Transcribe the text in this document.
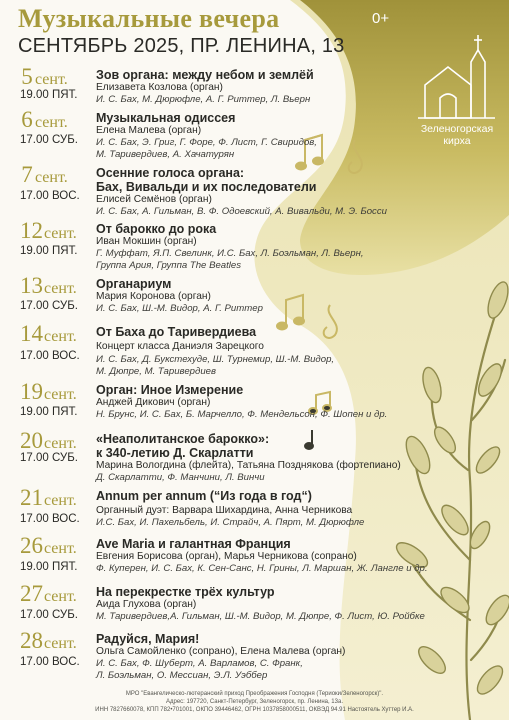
Музыкальные вечера	0+
СЕНТЯБРЬ 2025, ПР. ЛЕНИНА, 13
Зеленогорская
кирха
5 сент.
19.00 ПЯТ.
Зов органа: между небом и землёй
Елизавета Козлова (орган)
И. С. Бах, М. Дюрюфле, А. Г. Риттер, Л. Вьерн
6 сент.
17.00 СУБ.
Музыкальная одиссея
Елена Малева (орган)
И. С. Бах, Э. Григ, Г. Форе, Ф. Лист, Г. Свиридов,
М. Таривердиев, А. Хачатурян
7 сент.
17.00 ВОС.
Осенние голоса органа:
Бах, Вивальди и их последователи
Елисей Семёнов (орган)
И. С. Бах, А. Гильман, В. Ф. Одоевский, А. Вивальди, М. Э. Босси
12сент.
19.00 ПЯТ.
От барокко до рока
Иван Мокшин (орган)
Г. Муффат, Я.П. Свелинк, И.С. Бах, Л. Боэльман, Л. Вьерн,
Группа Ария, Группа The Beatles
13сент.
17.00 СУБ.
Органариум
Мария Коронова (орган)
И. С. Бах, Ш.-М. Видор, А. Г. Риттер
14сент.
17.00 ВОС.
От Баха до Таривердиева
Концерт класса Даниэля Зарецкого
И. С. Бах, Д. Букстехуде, Ш. Турнемир, Ш.-М. Видор,
М. Дюпре, М. Таривердиев
19сент.
19.00 ПЯТ.
Орган: Иное Измерение
Анджей Дикович (орган)
Н. Брунс, И. С. Бах, Б. Марчелло, Ф. Мендельсон, Ф. Шопен и др.
20сент.
17.00 СУБ.
«Неаполитанское барокко»:
к 340-летию Д. Скарлатти
Марина Вологдина (флейта), Татьяна Позднякова (фортепиано)
Д. Скарлатти, Ф. Манчини, Л. Винчи
21сент.
17.00 ВОС.
Annum per annum (“Из года в год“)
Органный дуэт: Варвара Шихардина, Анна Черникова
И.С. Бах, И. Пахельбель, И. Страйч, А. Пярт, М. Дюрюфле
26сент.
19.00 ПЯТ.
Ave Maria и галантная Франция
Евгения Борисова (орган), Марья Черникова (сопрано)
Ф. Куперен, И. С. Бах, К. Сен-Санс, Н. Грины, Л. Маршан, Ж. Лангле и др.
27сент.
17.00 СУБ.
На перекрестке трёх культур
Аида Глухова (орган)
М. Таривердиев,А. Гильман, Ш.-М. Видор, М. Дюпре, Ф. Лист, Ю. Ройбке
28сент.
17.00 ВОС.
Радуйся, Мария!
Ольга Самойленко (сопрано), Елена Малева (орган)
И. С. Бах, Ф. Шуберт, А. Варламов, С. Франк,
Л. Боэльман, О. Мессиан, Э.Л. Уэббер
МРО "Евангелическо-лютеранский приход Преображения Господня (Териоки/Зеленогорск)".
Адрес: 197720, Санкт-Петербург, Зеленогорск, пр. Ленина, 13а.
ИНН 7827660078, КПП 782•701001, ОКПО 39446462, ОГРН 1037858000511, ОКВЭД 94.91 Настоятель Хуттер И.А.
